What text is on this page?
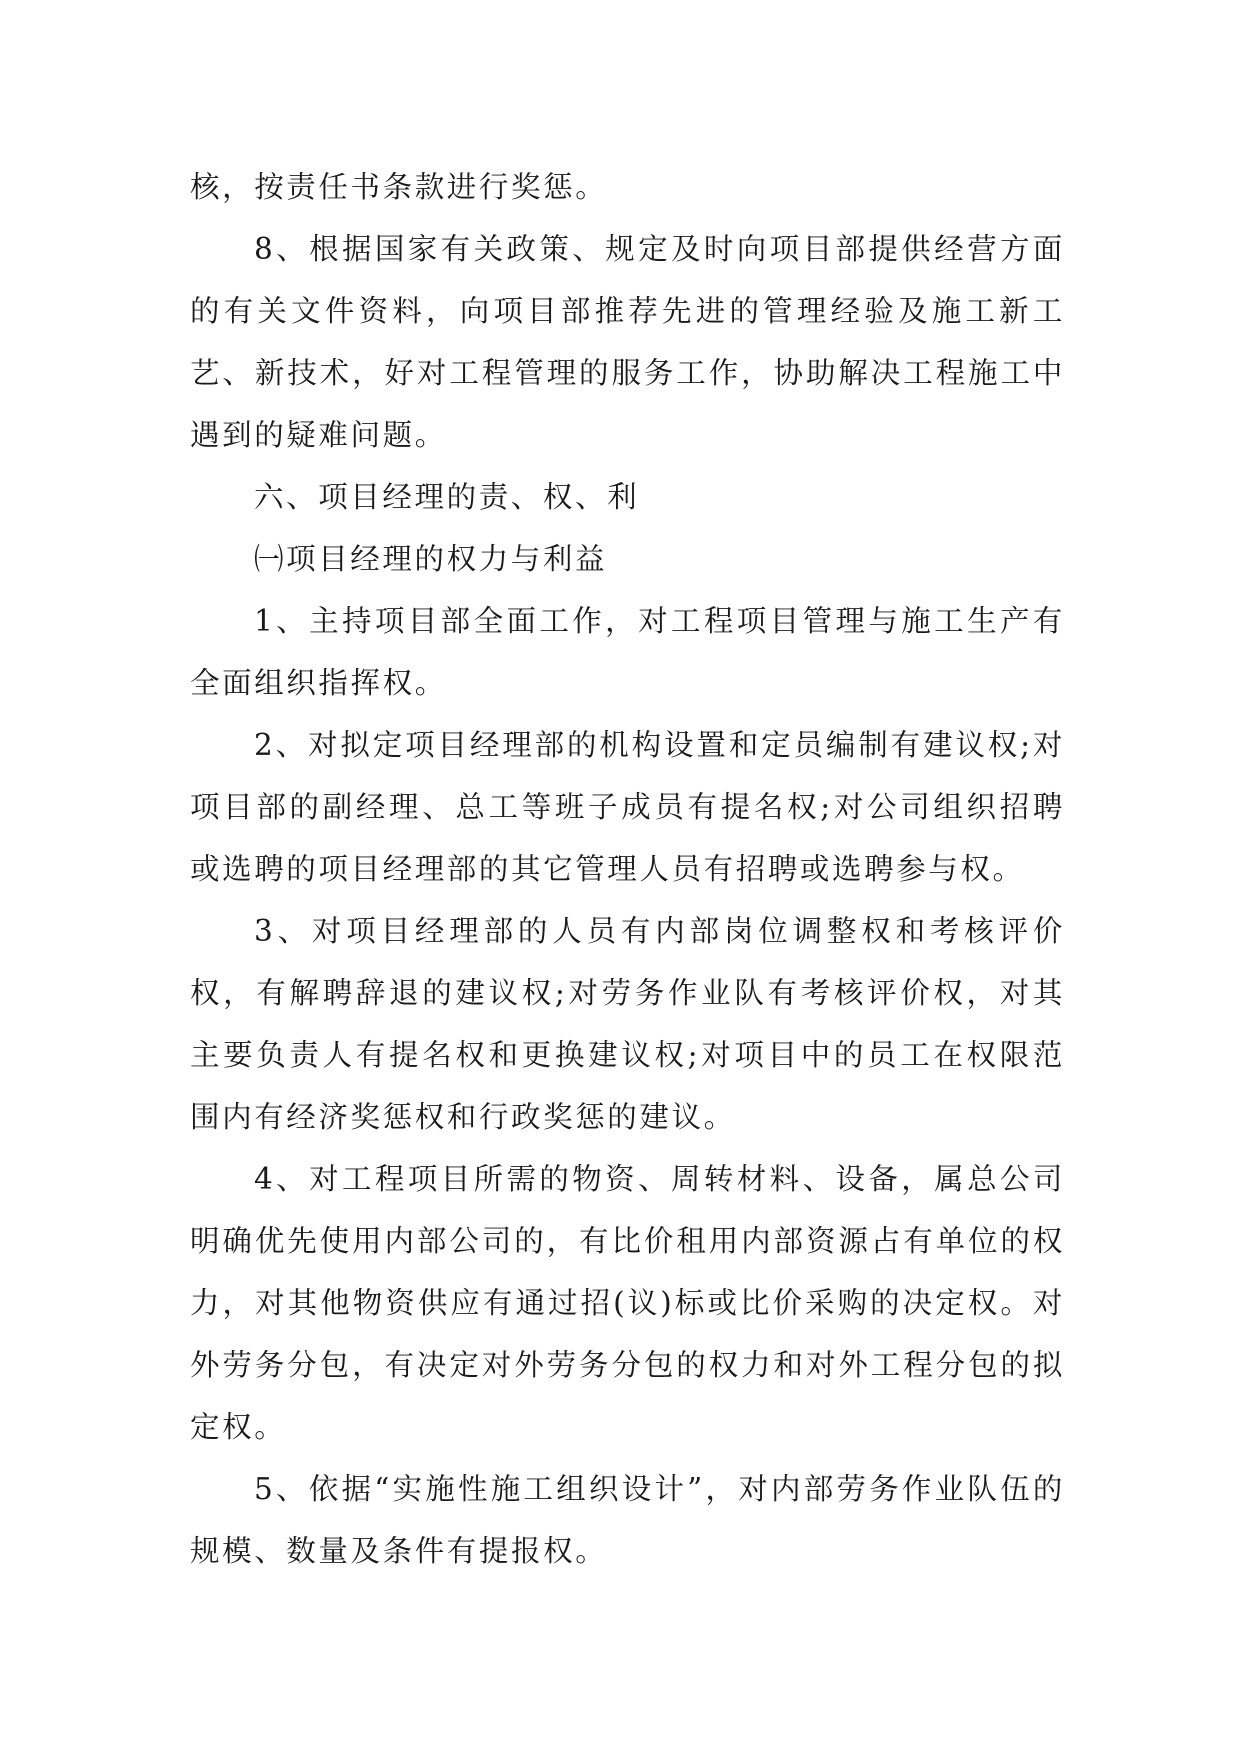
核，按责任书条款进行奖惩。

8、根据国家有关政策、规定及时向项目部提供经营方面的有关文件资料，向项目部推荐先进的管理经验及施工新工艺、新技术，好对工程管理的服务工作，协助解决工程施工中遇到的疑难问题。

六、项目经理的责、权、利

㈠项目经理的权力与利益

1、主持项目部全面工作，对工程项目管理与施工生产有全面组织指挥权。

2、对拟定项目经理部的机构设置和定员编制有建议权;对项目部的副经理、总工等班子成员有提名权;对公司组织招聘或选聘的项目经理部的其它管理人员有招聘或选聘参与权。

3、对项目经理部的人员有内部岗位调整权和考核评价权，有解聘辞退的建议权;对劳务作业队有考核评价权，对其主要负责人有提名权和更换建议权;对项目中的员工在权限范围内有经济奖惩权和行政奖惩的建议。

4、对工程项目所需的物资、周转材料、设备，属总公司明确优先使用内部公司的，有比价租用内部资源占有单位的权力，对其他物资供应有通过招(议)标或比价采购的决定权。对外劳务分包，有决定对外劳务分包的权力和对外工程分包的拟定权。

5、依据“实施性施工组织设计”，对内部劳务作业队伍的规模、数量及条件有提报权。
